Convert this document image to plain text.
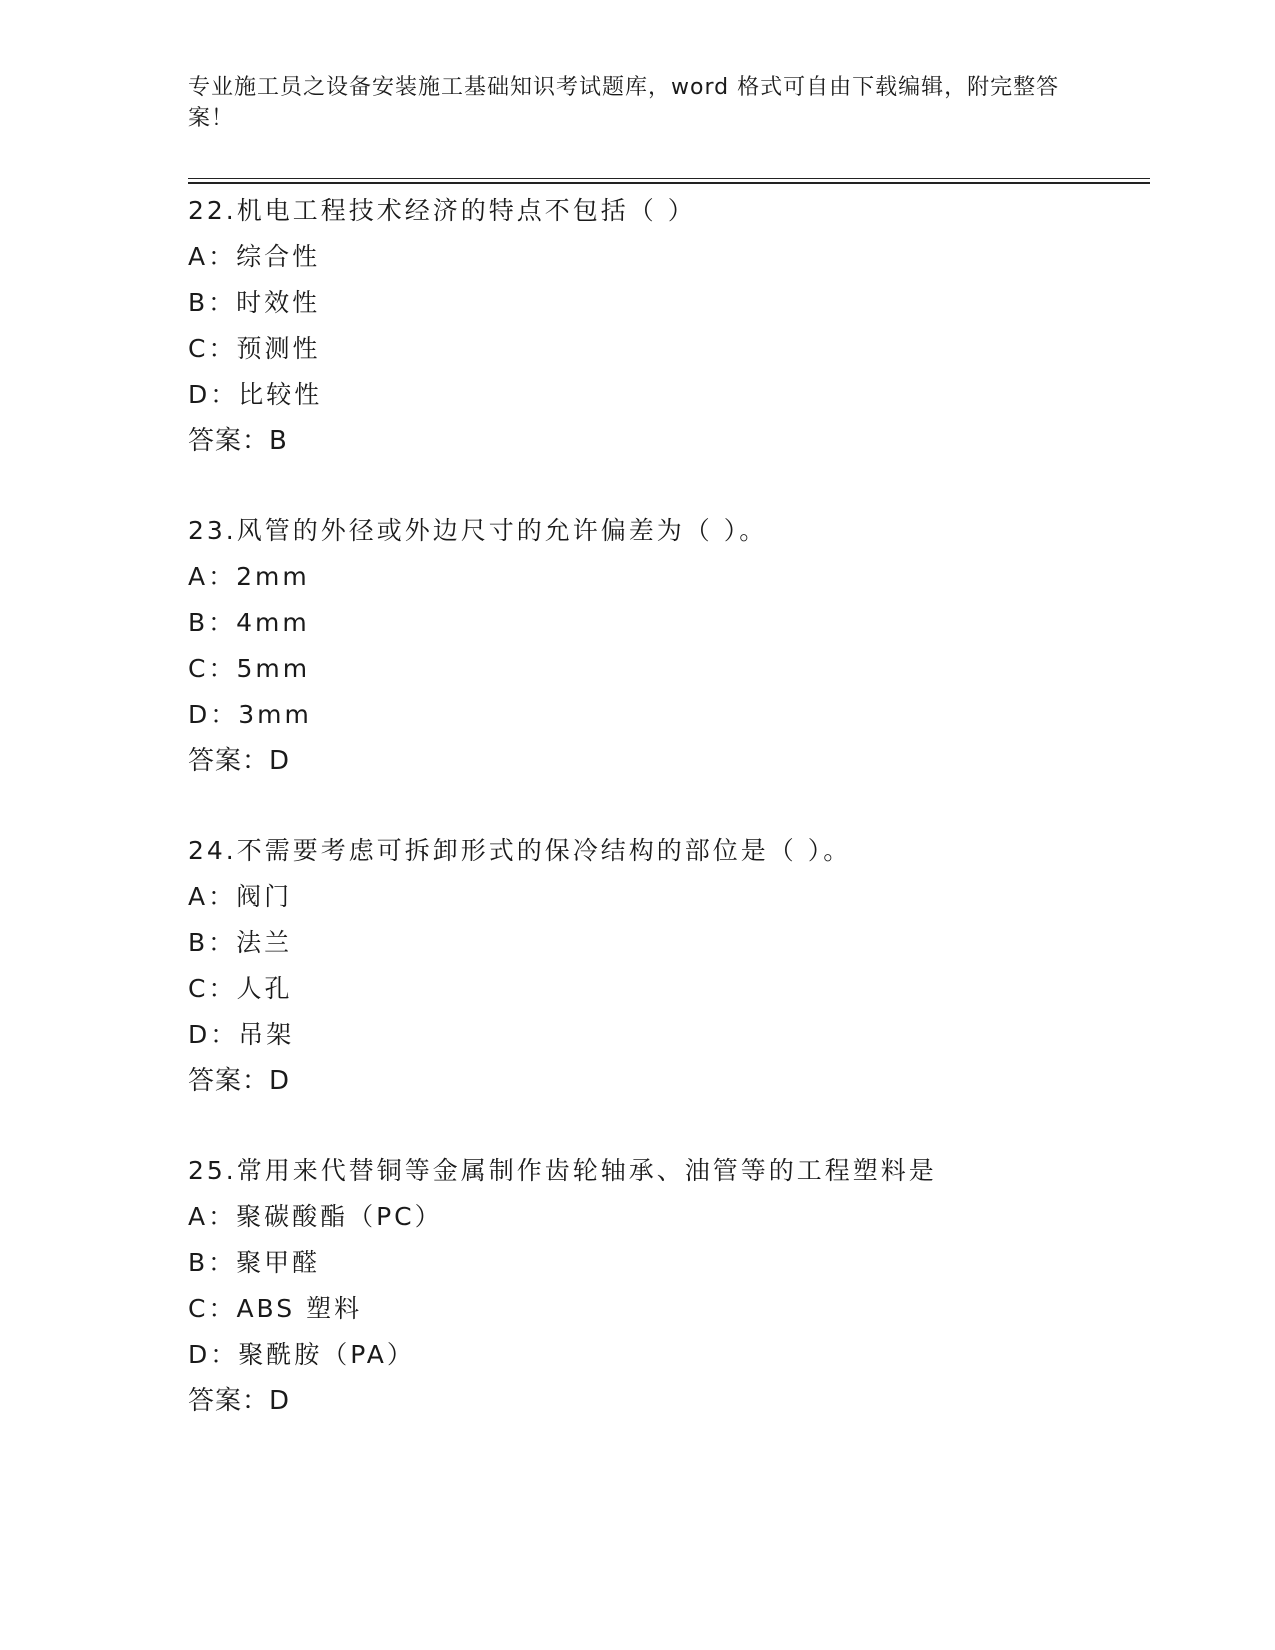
专业施工员之设备安装施工基础知识考试题库，word 格式可自由下载编辑，附完整答案！
22.机电工程技术经济的特点不包括（ ）
A：综合性
B：时效性
C：预测性
D：比较性
答案：B
23.风管的外径或外边尺寸的允许偏差为（ ）。
A：2mm
B：4mm
C：5mm
D：3mm
答案：D
24.不需要考虑可拆卸形式的保冷结构的部位是（ ）。
A：阀门
B：法兰
C：人孔
D：吊架
答案：D
25.常用来代替铜等金属制作齿轮轴承、油管等的工程塑料是
A：聚碳酸酯（PC）
B：聚甲醛
C：ABS 塑料
D：聚酰胺（PA）
答案：D
